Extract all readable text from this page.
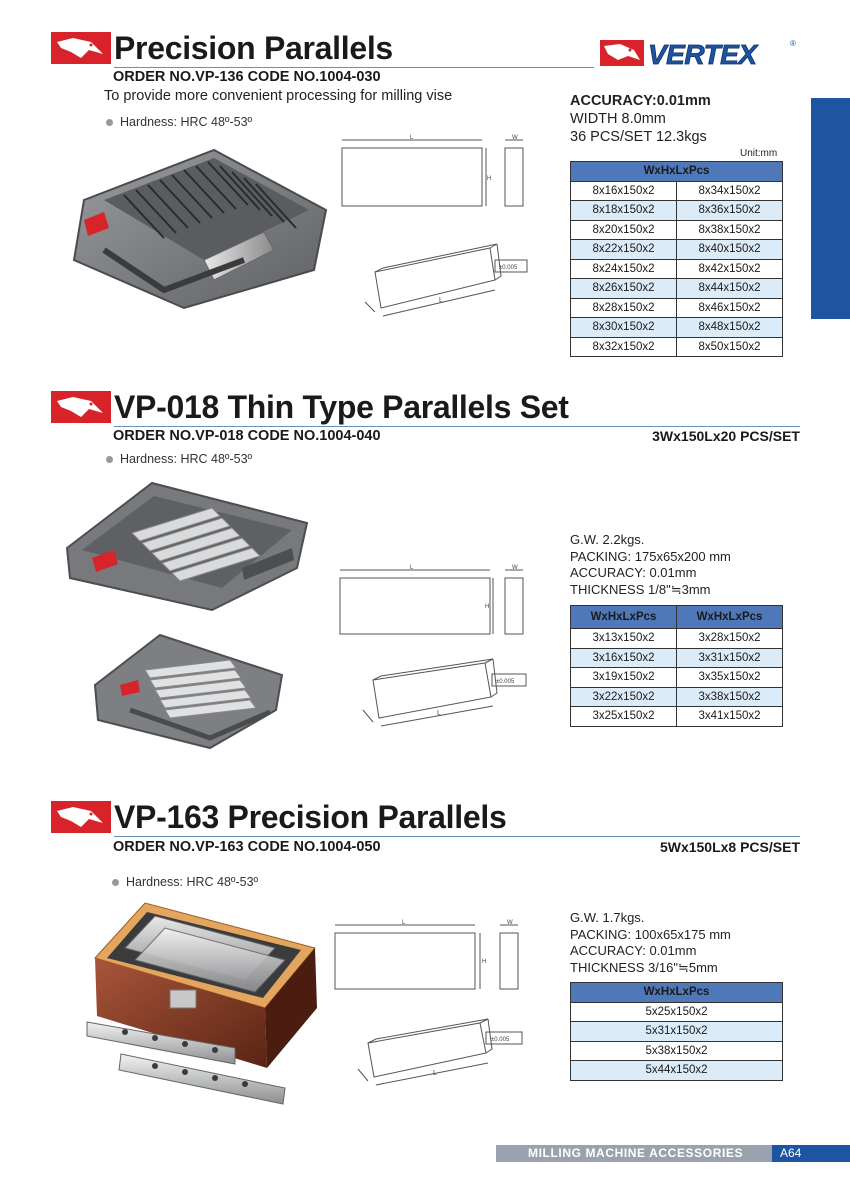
VERTEX	®
Precision Parallels
ORDER NO.VP-136 CODE NO.1004-030
To provide more convenient processing for milling vise
Hardness: HRC 48º-53º
ACCURACY:0.01mm
WIDTH 8.0mm
36 PCS/SET 12.3kgs
Unit:mm
WxHxLxPcs	
8x16x150x2	8x34x150x2
8x18x150x2	8x36x150x2
8x20x150x2	8x38x150x2
8x22x150x2	8x40x150x2
8x24x150x2	8x42x150x2
8x26x150x2	8x44x150x2
8x28x150x2	8x46x150x2
8x30x150x2	8x48x150x2
8x32x150x2	8x50x150x2
L	W
H
L
±0.005
VP-018 Thin Type Parallels Set
ORDER NO.VP-018 CODE NO.1004-040	3Wx150Lx20 PCS/SET
Hardness: HRC 48º-53º
G.W. 2.2kgs.
PACKING: 175x65x200 mm
ACCURACY: 0.01mm
THICKNESS 1/8"≒3mm
WxHxLxPcs	WxHxLxPcs
3x13x150x2	3x28x150x2
3x16x150x2	3x31x150x2
3x19x150x2	3x35x150x2
3x22x150x2	3x38x150x2
3x25x150x2	3x41x150x2
L	W
H
L
±0.005
VP-163 Precision Parallels
ORDER NO.VP-163 CODE NO.1004-050	5Wx150Lx8 PCS/SET
Hardness: HRC 48º-53º
G.W. 1.7kgs.
PACKING: 100x65x175 mm
ACCURACY: 0.01mm
THICKNESS 3/16"≒5mm
WxHxLxPcs
5x25x150x2
5x31x150x2
5x38x150x2
5x44x150x2
L	W
H
L
±0.005
MILLING MACHINE ACCESSORIES	A64
